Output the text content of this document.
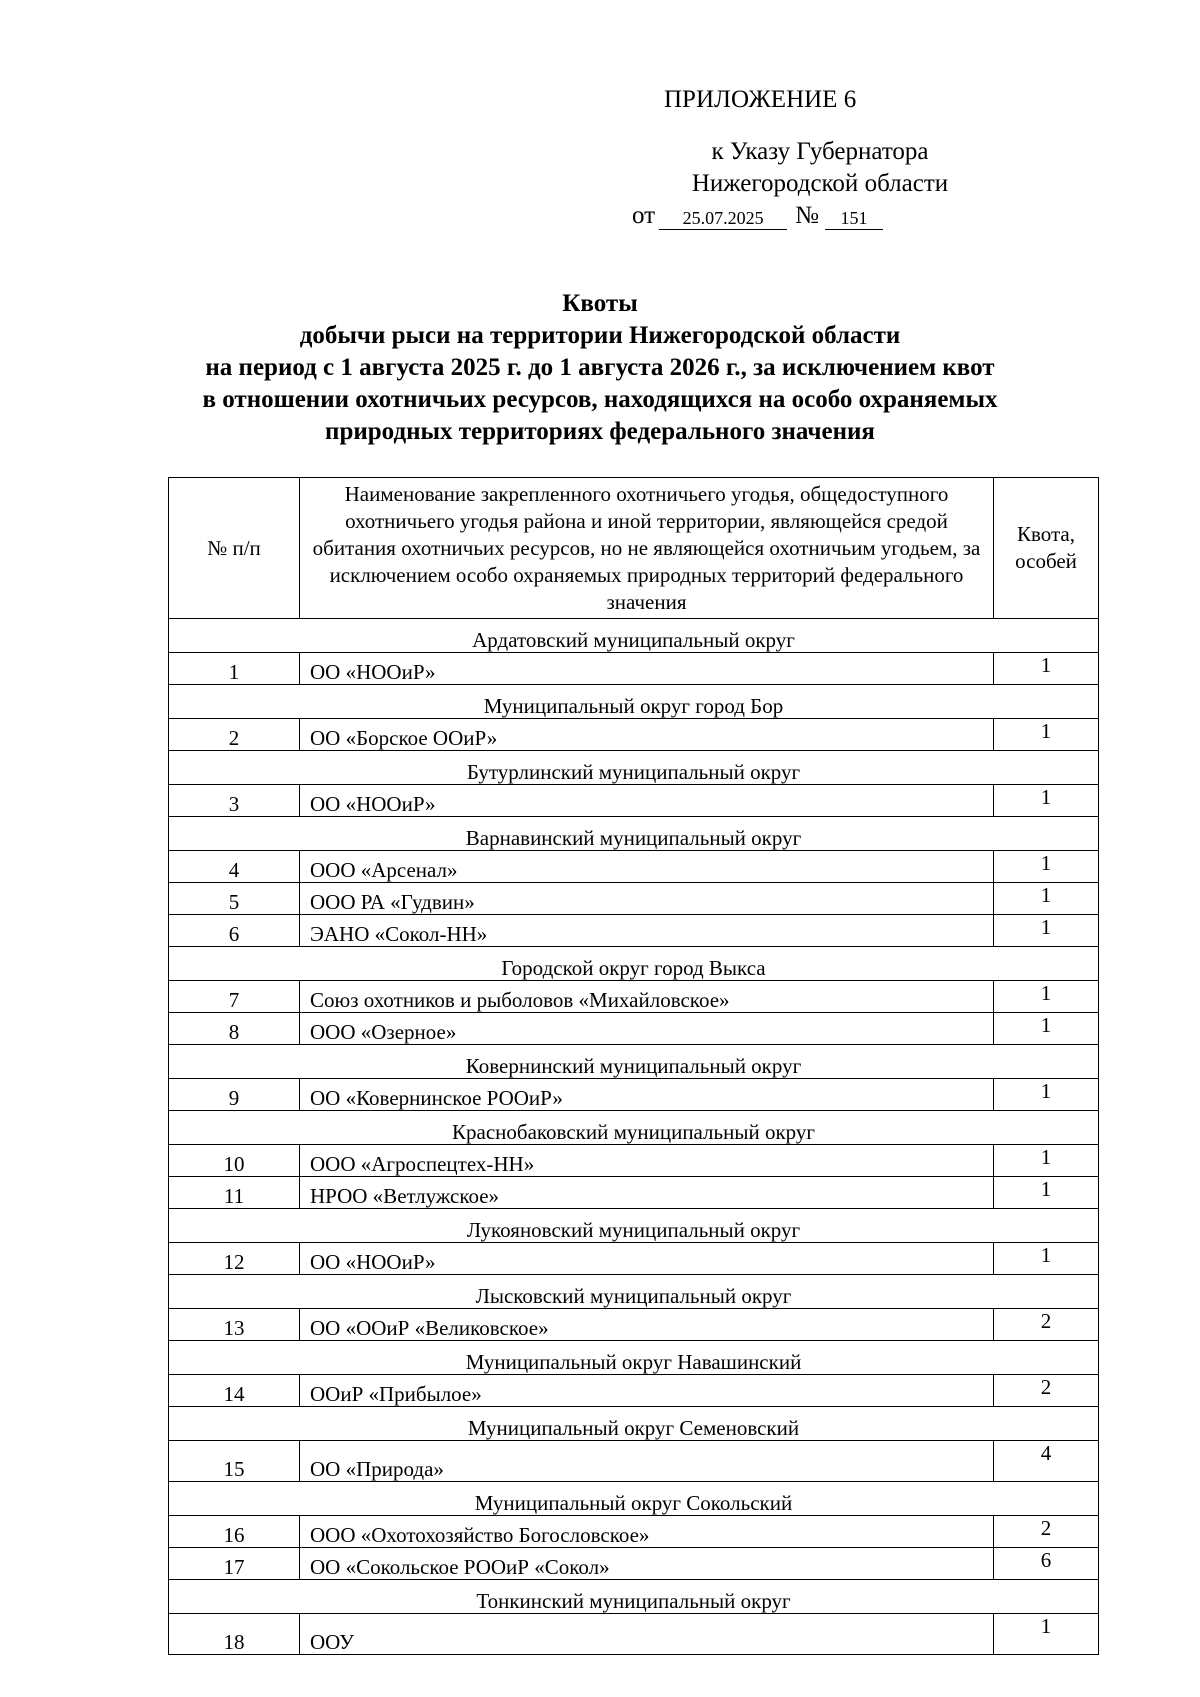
ПРИЛОЖЕНИЕ 6
к Указу Губернатора
Нижегородской области
от	25.07.2025	№	151
Квоты
добычи рыси на территории Нижегородской области
на период с 1 августа 2025 г. до 1 августа 2026 г., за исключением квот
в отношении охотничьих ресурсов, находящихся на особо охраняемых
природных территориях федерального значения
№ п/п	Наименование закрепленного охотничьего угодья, общедоступного охотничьего угодья района и иной территории, являющейся средой обитания охотничьих ресурсов, но не являющейся охотничьим угодьем, за исключением особо охраняемых природных территорий федерального значения	Квота,
особей

Ардатовский муниципальный округ		
1	ОО «НООиР»	1
Муниципальный округ город Бор		
2	ОО «Борское ООиР»	1
Бутурлинский муниципальный округ		
3	ОО «НООиР»	1
Варнавинский муниципальный округ		
4	ООО «Арсенал»	1
5	ООО РА «Гудвин»	1
6	ЭАНО «Сокол-НН»	1
Городской округ город Выкса		
7	Союз охотников и рыболовов «Михайловское»	1
8	ООО «Озерное»	1
Ковернинский муниципальный округ		
9	ОО «Ковернинское РООиР»	1
Краснобаковский муниципальный округ		
10	ООО «Агроспецтех-НН»	1
11	НРОО «Ветлужское»	1
Лукояновский муниципальный округ		
12	ОО «НООиР»	1
Лысковский муниципальный округ		
13	ОО «ООиР «Великовское»	2
Муниципальный округ Навашинский		
14	ООиР «Прибылое»	2
Муниципальный округ Семеновский		
15	ОО «Природа»	4
Муниципальный округ Сокольский		
16	ООО «Охотохозяйство Богословское»	2
17	ОО «Сокольское РООиР «Сокол»	6
Тонкинский муниципальный округ		
18	ООУ	1
